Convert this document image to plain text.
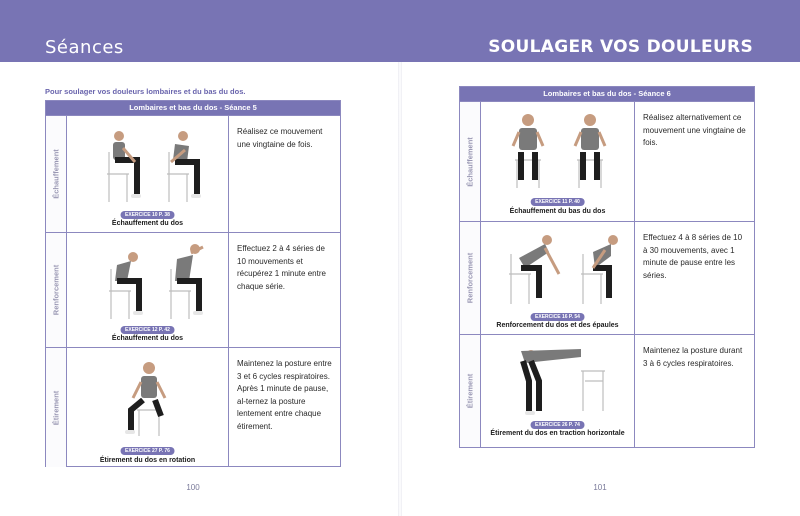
Séances	SOULAGER VOS DOULEURS
Pour soulager vos douleurs lombaires et du bas du dos.
Lombaires et bas du dos - Séance 5
Échauffement
EXERCICE 10 P. 38
Échauffement du dos
Réalisez ce mouvement une vingtaine de fois.
Renforcement
EXERCICE 12 P. 42
Échauffement du dos
Effectuez 2 à 4 séries de 10 mouvements et récupérez 1 minute entre chaque série.
Étirement
EXERCICE 27 P. 76
Étirement du dos en rotation
Maintenez la posture entre 3 et 6 cycles respiratoires. Après 1 minute de pause, al-ternez la posture lentement entre chaque étirement.
100
Lombaires et bas du dos - Séance 6
Échauffement
EXERCICE 11 P. 40
Échauffement du bas du dos
Réalisez alternativement ce mouvement une vingtaine de fois.
Renforcement
EXERCICE 16 P. 54
Renforcement du dos et des épaules
Effectuez 4 à 8 séries de 10 à 30 mouvements, avec 1 minute de pause entre les séries.
Étirement
EXERCICE 26 P. 74
Étirement du dos en traction horizontale
Maintenez la posture durant 3 à 6 cycles respiratoires.
101
